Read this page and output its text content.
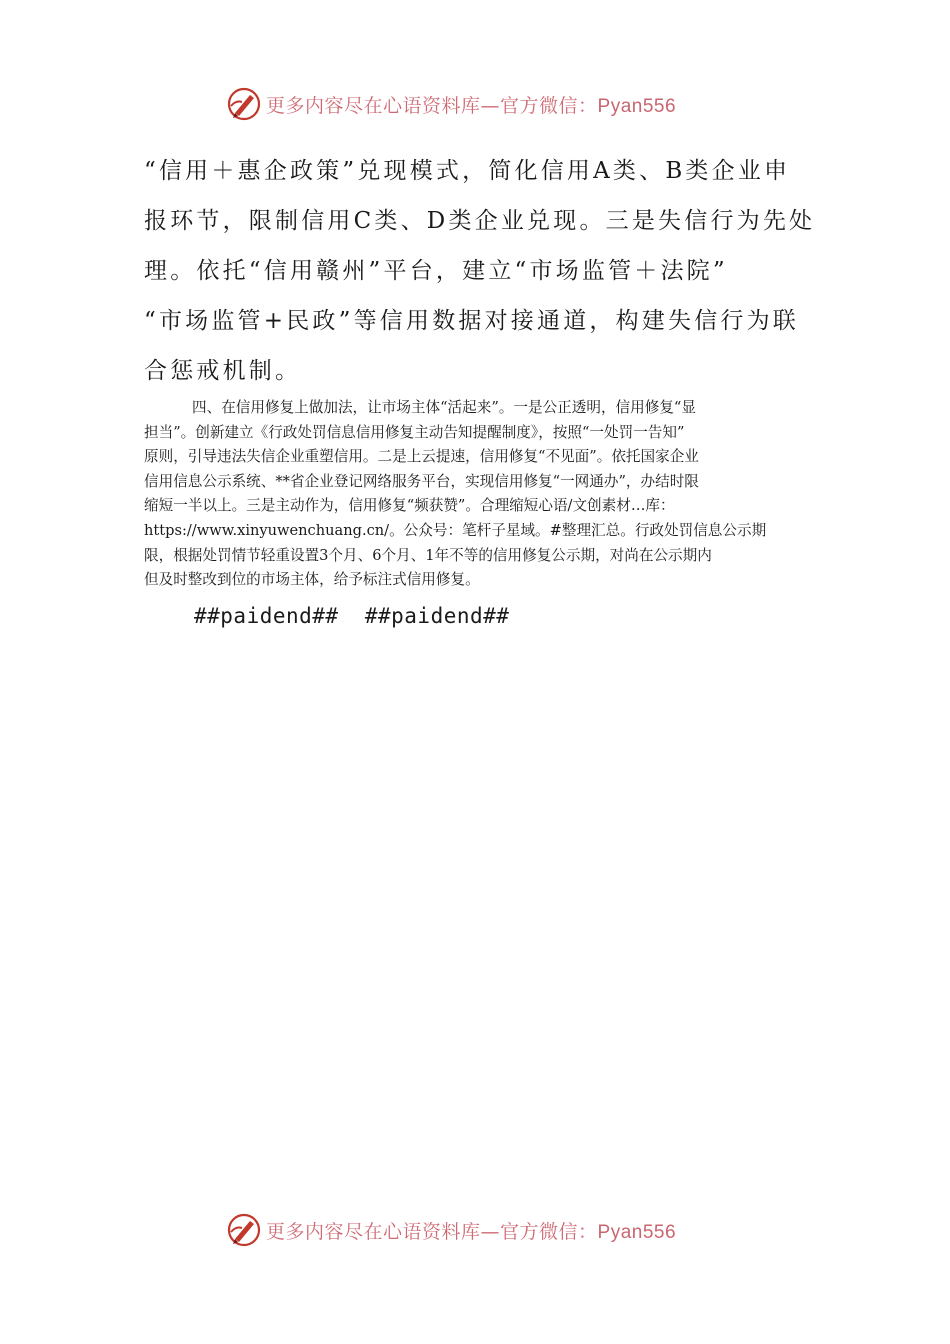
更多内容尽在心语资料库—官方微信：Pyan556
“信用＋惠企政策”兑现模式，简化信用A类、B类企业申
报环节，限制信用C类、D类企业兑现。三是失信行为先处
理。依托“信用赣州”平台，建立“市场监管＋法院”
“市场监管+民政”等信用数据对接通道，构建失信行为联
合惩戒机制。
四、在信用修复上做加法，让市场主体“活起来”。一是公正透明，信用修复“显
担当”。创新建立《行政处罚信息信用修复主动告知提醒制度》，按照“一处罚一告知”
原则，引导违法失信企业重塑信用。二是上云提速，信用修复“不见面”。依托国家企业
信用信息公示系统、**省企业登记网络服务平台，实现信用修复“一网通办”，办结时限
缩短一半以上。三是主动作为，信用修复“频获赞”。合理缩短心语/文创素材…库：
https://www.xinyuwenchuang.cn/。公众号：笔杆子星域。#整理汇总。行政处罚信息公示期
限，根据处罚情节轻重设置3个月、6个月、1年不等的信用修复公示期，对尚在公示期内
但及时整改到位的市场主体，给予标注式信用修复。
##paidend##  ##paidend##
更多内容尽在心语资料库—官方微信：Pyan556
